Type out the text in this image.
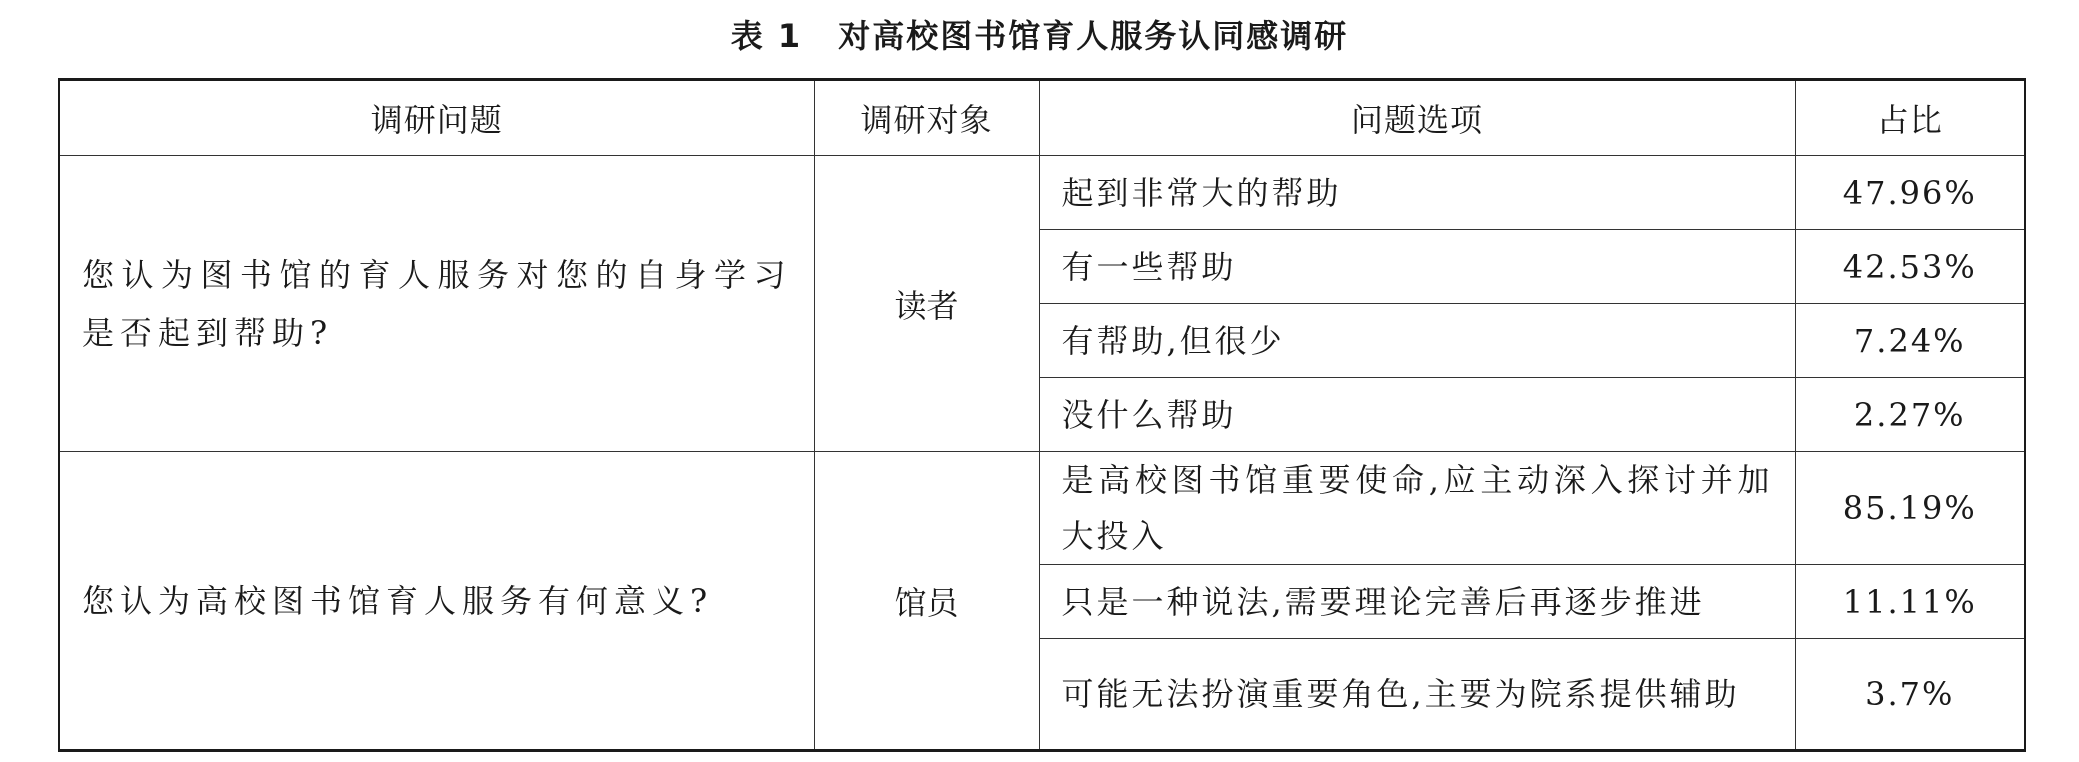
表 1 对高校图书馆育人服务认同感调研
调研问题	调研对象	问题选项	占比
您认为图书馆的育人服务对您的自身学习是否起到帮助?	读者	起到非常大的帮助	47.96%
		有一些帮助	42.53%
		有帮助,但很少	7.24%
		没什么帮助	2.27%
您认为高校图书馆育人服务有何意义?	馆员	是高校图书馆重要使命,应主动深入探讨并加大投入	85.19%
		只是一种说法,需要理论完善后再逐步推进	11.11%
		可能无法扮演重要角色,主要为院系提供辅助	3.7%
